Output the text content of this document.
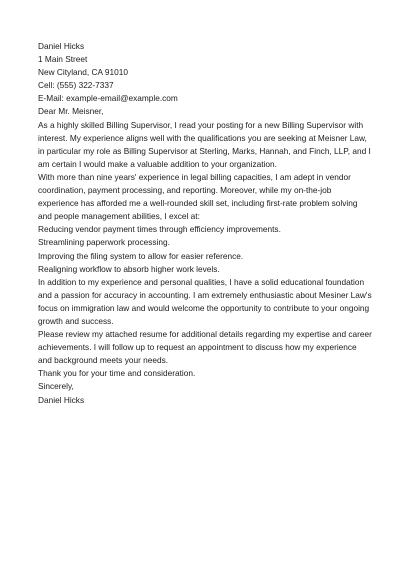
Daniel Hicks
1 Main Street
New Cityland, CA 91010
Cell: (555) 322-7337
E-Mail: example-email@example.com
Dear Mr. Meisner,
As a highly skilled Billing Supervisor, I read your posting for a new Billing Supervisor with
interest. My experience aligns well with the qualifications you are seeking at Meisner Law,
in particular my role as Billing Supervisor at Sterling, Marks, Hannah, and Finch, LLP, and I
am certain I would make a valuable addition to your organization.
With more than nine years' experience in legal billing capacities, I am adept in vendor
coordination, payment processing, and reporting. Moreover, while my on-the-job
experience has afforded me a well-rounded skill set, including first-rate problem solving
and people management abilities, I excel at:
Reducing vendor payment times through efficiency improvements.
Streamlining paperwork processing.
Improving the filing system to allow for easier reference.
Realigning workflow to absorb higher work levels.
In addition to my experience and personal qualities, I have a solid educational foundation
and a passion for accuracy in accounting. I am extremely enthusiastic about Mesiner Law's
focus on immigration law and would welcome the opportunity to contribute to your ongoing
growth and success.
Please review my attached resume for additional details regarding my expertise and career
achievements. I will follow up to request an appointment to discuss how my experience
and background meets your needs.
Thank you for your time and consideration.
Sincerely,
Daniel Hicks
